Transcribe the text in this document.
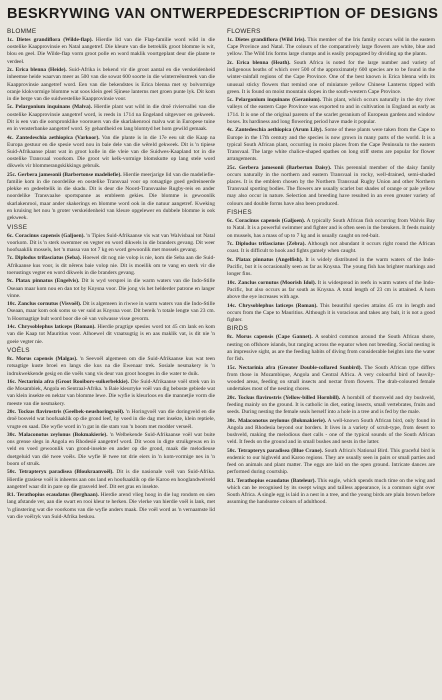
BESKRYWING VAN ONTWERPE DESCRIPTION OF DESIGNS
BLOMME
1c. Dietes grandiflora (Wilde-flap). Hierdie lid van die Flap-familie word wild in die oostelike Kaapprovinsie en Natal aangetref. Die kleure van die betreklik groot blomme is wit, blou en geel. Die Wilde-flap vorm groot polle en word maklik voortgeplant deur die plante te verdeel.
2c. Erica blenna (Heide). Suid-Afrika is bekend vir die groot aantal en die verskeidenheid inheemse heide waarvan meer as 500 van die sowat 600 soorte in die winterreënstreek van die Kaapprovinsie aangetref word. Een van die bekendstes is Erica blenna met sy bolvormige oranje klokvormige blomme wat soos klein geel Sjinese lanterns met groen punte lyk. Dit kom in die berge van die suidwestelike Kaapprovinsie voor.
5c. Pelargonium inquinans (Malva). Hierdie plant wat wild in die droë riviervallei van die oostelike Kaapprovinsie aangetref word, is reeds in 1714 na Engeland uitgevoer en gekweek. Dit is een van die oorspronklike voorouers van die skarlakenrooi malva wat in Europese tuine en in vensterbanke aangetref word. Sy gehardheid en lang blomtyd het hom gewild gemaak.
4c. Zantedeschia aethiopica (Varkoor). Van die plante is in die 17e eeu uit die Kaap na Europa gestuur en die spesie word nou in baie dele van die wêreld gekweek. Dit is 'n tipiese Suid-Afrikaanse plant wat in groot kolle in die vleie van die Suidwes-Kaapland tot in die oostelike Transvaal voorkom. Die groot wit kelk-vormige blomskutte op lang stele word dikwels vir blommerangskikkings gebruik.
25c. Gerbera jamesonii (Barbertonse madeliefie). Hierdie meerjarige lid van die madeliefie-familie kom in die noordelike en oostelike Transvaal voor op rotsagtige goed gedreineerde plekke en gedeeltelik in die skadu. Dit is deur die Noord-Transvaalse Rugby-reis en ander noordelike Transvaalse sportspanne as embleem gekies. Die blomme is gewoonlik skarlakenrooi, maar ander skakerings en blomme word ook in die natuur aangetref. Kweking en kruising het nou 'n groter verskeidenheid van kleure opgelewer en dubbele blomme is ook gekweek.
VISSE
6c. Coracinus capensis (Galjoen). 'n Tipies Suid-Afrikaanse vis wat van Walvisbaai tot Natal voorkom. Dit is 'n sterk swemmer en vegter en word dikwels in die branders gevang. Dit weer hoofsaaklik mossels, het 'n massa van tot 7 kg en word gewoonlik met mossels gevang.
7c. Diplodus trifasciatus (Seba). Hoewel dit nog nie volop is nie, kom die Seba aan die Suid-Afrikaanse kus voor, is dit nêrens baie volop nie. Dit is moeilik om te vang en sterk vir die toerustings vegter en word dikwels in die branders gevang.
9c. Platax pinnatus (Engelvis). Dit is wyd versprei in die warm waters van die Indo-Stille Oseaan maar kom nou en dan tot by Knysna voor. Die jong vis het helderder patrone en langer vinne.
10c. Zanclus cornutus (Visvoël). Dit is algemeen in riwwe in warm waters van die Indo-Stille Oseaan, maar kom ook soms so ver suid as Knysna voor. Dit bereik 'n totale lengte van 23 cm. 'n Hoornagtige bult word boor die oë van volwasse visse gevorm.
14c. Chrysoblephus laticeps (Roman). Hierdie pragtige spesies word tot 45 cm lank en kom van die Kaap tot Mauritius voor. Alhoewel dit vraatsugtig is en aas maklik vat, is dit nie 'n goeie vegter nie.
VOËLS
8c. Morus capensis (Malgas). 'n Seevoël algemeen om die Suid-Afrikaanse kus wat teen rotsagtige kuste broei en langs die kus na die Ewenaar trek. Sosiale nesmakery is 'n indrukwekkende gesig en die voëls vang vis deur van groot hoogtes in die water te duik.
16c. Nectarinia afra (Groot Rooibors-suikerbekkie). Die Suid-Afrikaanse voël strek van in die Mosambiek, Angola en Sentraal-Afrika. 'n Baie kleurryke voël van dig beboste gebiede wat van klein insekte en nektar van blomme lewe. Die wyfie is kleurloos en die mannetjie vorm die meeste van die nesmakery.
20c. Tockus flavirostris (Geelbek-neushoringvoël). 'n Horingvoël van die doringveld en die droë bosveld wat hoofsaaklik op die grond leef, hy voed in die dag met insekte, klein reptiele, vrugte en saad. Die wyfie word in 'n gat in die stam van 'n boom met modder verseël.
30c. Malaconotus zeylonus (Bokmakierie). 'n Welbekende Suid-Afrikaanse voël wat buite ons grense slegs in Angola en Rhodesië aangetref word. Dit woon in digte struikgewas en in veld en voed gewoonlik van grond-insekte en ander op die grond, maak die melodieuse duetgeluid van dié twee voëls. Die wyfie lê twee tot drie eiers in 'n kom-vormige nes in 'n boom of struik.
50c. Tetrapteryx paradisea (Bloukraanvoël). Dit is die nasionale voël van Suid-Afrika. Hierdie grasiese voël is inheems aan ons land en hoofsaaklik op die Karoo en hooglandweiveld aangetref waar dit in pare op die grasveld leef. Dit eet gras en insekte.
R1. Terathopius ecaudatus (Berghaan). Hierdie arend vlieg hoog in die lug rondom en sien lang afstande ver, aan die swart en rooi kleur te herken. Die vlerke van hierdie voël is lank, met 'n glinstering wat die voorkoms van die wyfie anders maak. Die voël word as 'n vernaamste lid van die voëlryk van Suid-Afrika beskou.
FLOWERS
1c. Dietes grandiflora (Wild Iris). This member of the Iris family occurs wild in the eastern Cape Province and Natal. The colours of the comparatively large flowers are white, blue and yellow. The Wild Iris forms large clumps and is easily propagated by dividing up the plants.
2c. Erica blenna (Heath). South Africa is noted for the large number and variety of indigenous heaths of which over 500 of the approximately 600 species are to be found in the winter-rainfall regions of the Cape Province. One of the best known is Erica blenna with its unusual sticky flowers that remind one of miniature yellow Chinese Lanterns tipped with green. It is found on moist mountain slopes in the south-western Cape Province.
5c. Pelargonium inquinans (Geranium). This plant, which occurs naturally in the dry river valleys of the eastern Cape Province was exported to and in cultivation in England as early as 1714. It is one of the original parents of the scarlet geranium of European gardens and window boxes. Its hardiness and long flowering period have made it popular.
4c. Zantedeschia aethiopica (Arum Lily). Some of these plants were taken from the Cape to Europe in the 17th century and the species is now grown in many parts of the world. It is a typical South African plant, occurring in moist places from the Cape Peninsula to the eastern Transvaal. The large white chalice-shaped spathes on long stiff stems are popular for flower arrangements.
25c. Gerbera jamesonii (Barberton Daisy). This perennial member of the daisy family occurs naturally in the northern and eastern Transvaal in rocky, well-drained, semi-shaded places. It is the emblem chosen by the Northern Transvaal Rugby Union and other Northern Transvaal sporting bodies. The flowers are usually scarlet but shades of orange or pale yellow may also occur in nature. Selection and breeding have resulted in an even greater variety of colours and double forms have also been produced.
FISHES
6c. Coracinus capensis (Galjoen). A typically South African fish occurring from Walvis Bay to Natal. It is a powerful swimmer and fighter and is often seen in the breakers. It feeds mainly on mussels, has a mass of up to 7 kg and is usually caught on red-bait.
7c. Diplodus trifasciatus (Zebra). Although not abundant it occurs right round the African coast. It is difficult to hook and fights gamely when caught.
9c. Platax pinnatus (Angelfish). It is widely distributed in the warm waters of the Indo-Pacific, but it is occasionally seen as far as Knysna. The young fish has brighter markings and longer fins.
10c. Zanclus cornutus (Moorish Idol). It is widespread in reefs in warm waters of the Indo-Pacific, but also occurs as far south as Knysna. A total length of 23 cm is attained. A horn above the eye increases with age.
14c. Chrysoblephus laticeps (Roman). This beautiful species attains 45 cm in length and occurs from the Cape to Mauritius. Although it is voracious and takes any bait, it is not a good fighter.
BIRDS
8c. Morus capensis (Cape Gannet). A seabird common around the South African shore, nesting on offshore islands, but ranging across the equator when not breeding. Social nesting is an impressive sight, as are the feeding habits of diving from considerable heights into the water for fish.
15c. Nectarinia afra (Greater Double-collared Sunbird). The South African type differs from those in Mozambique, Angola and Central Africa. A very colourful bird of heavily-wooded areas, feeding on small insects and nectar from flowers. The drab-coloured female undertakes most of the nesting chores.
20c. Tockus flavirostris (Yellow-billed Hornbill). A hornbill of thornveld and dry bushveld, feeding mainly on the ground. It is catholic in diet, eating insects, small vertebrates, fruits and seeds. During nesting the female seals herself into a hole in a tree and is fed by the male.
30c. Malaconotus zeylonus (Bokmakierie). A well-known South African bird, only found in Angola and Rhodesia beyond our borders. It lives in a variety of scrub-type, from desert to bushveld, making the melodious duet calls - one of the typical sounds of the South African veld. It feeds on the ground and in small bushes and nests in the latter.
50c. Tetrapteryx paradisea (Blue Crane). South Africa's National Bird. This graceful bird is endemic to our highveld and Karoo regions. They are usually seen in pairs or small parties and feed on animals and plant matter. The eggs are laid on the open ground. Intricate dances are performed during courtship.
R1. Terathopius ecaudatus (Bateleur). This eagle, which spends much time on the wing and which can be recognised by its swept wings and tailless appearance, is a common sight over South Africa. A single egg is laid in a nest in a tree, and the young birds are plain brown before assuming the handsome colours of adulthood.
